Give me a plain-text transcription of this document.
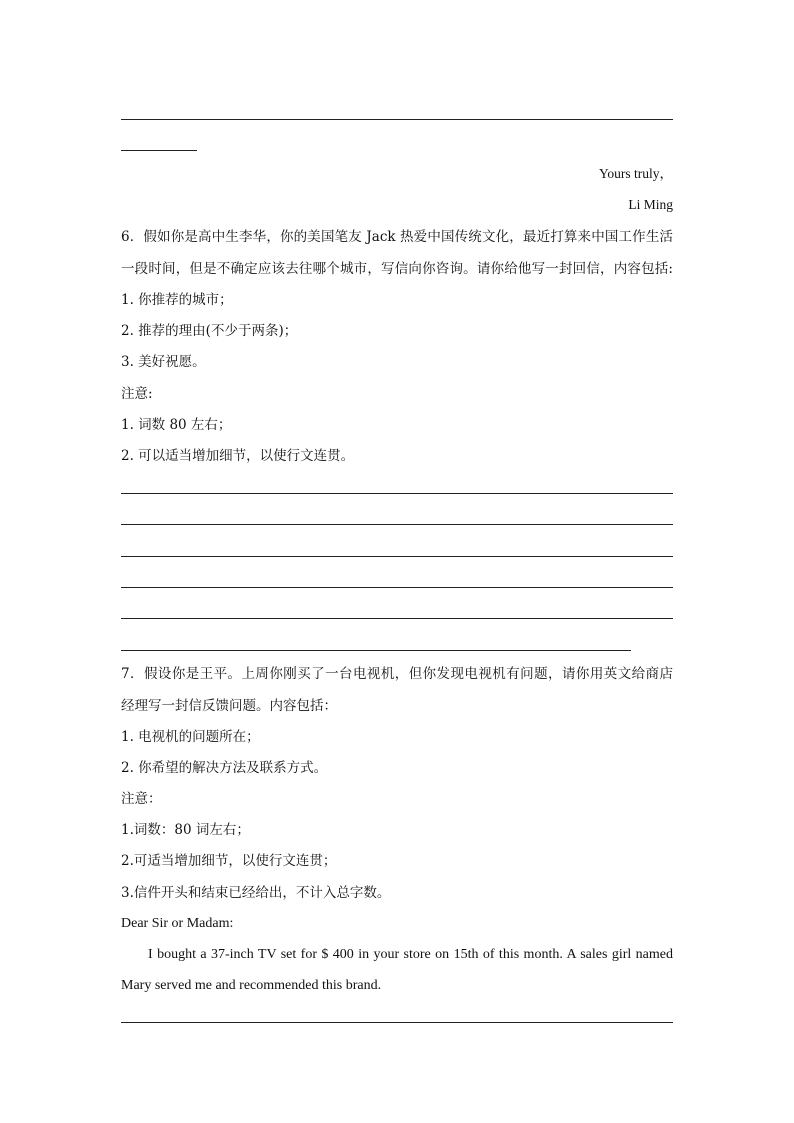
Yours truly，
Li Ming
6．假如你是高中生李华，你的美国笔友 Jack 热爱中国传统文化，最近打算来中国工作生活
一段时间，但是不确定应该去往哪个城市，写信向你咨询。请你给他写一封回信，内容包括:
1. 你推荐的城市；
2. 推荐的理由(不少于两条)；
3. 美好祝愿。
注意:
1. 词数 80 左右；
2. 可以适当增加细节，以使行文连贯。
7．假设你是王平。上周你刚买了一台电视机，但你发现电视机有问题，请你用英文给商店
经理写一封信反馈问题。内容包括：
1. 电视机的问题所在；
2. 你希望的解决方法及联系方式。
注意：
1.词数：80 词左右；
2.可适当增加细节，以使行文连贯；
3.信件开头和结束已经给出，不计入总字数。
Dear Sir or Madam:
I bought a 37-inch TV set for $ 400 in your store on 15th of this month. A sales girl named
Mary served me and recommended this brand.
